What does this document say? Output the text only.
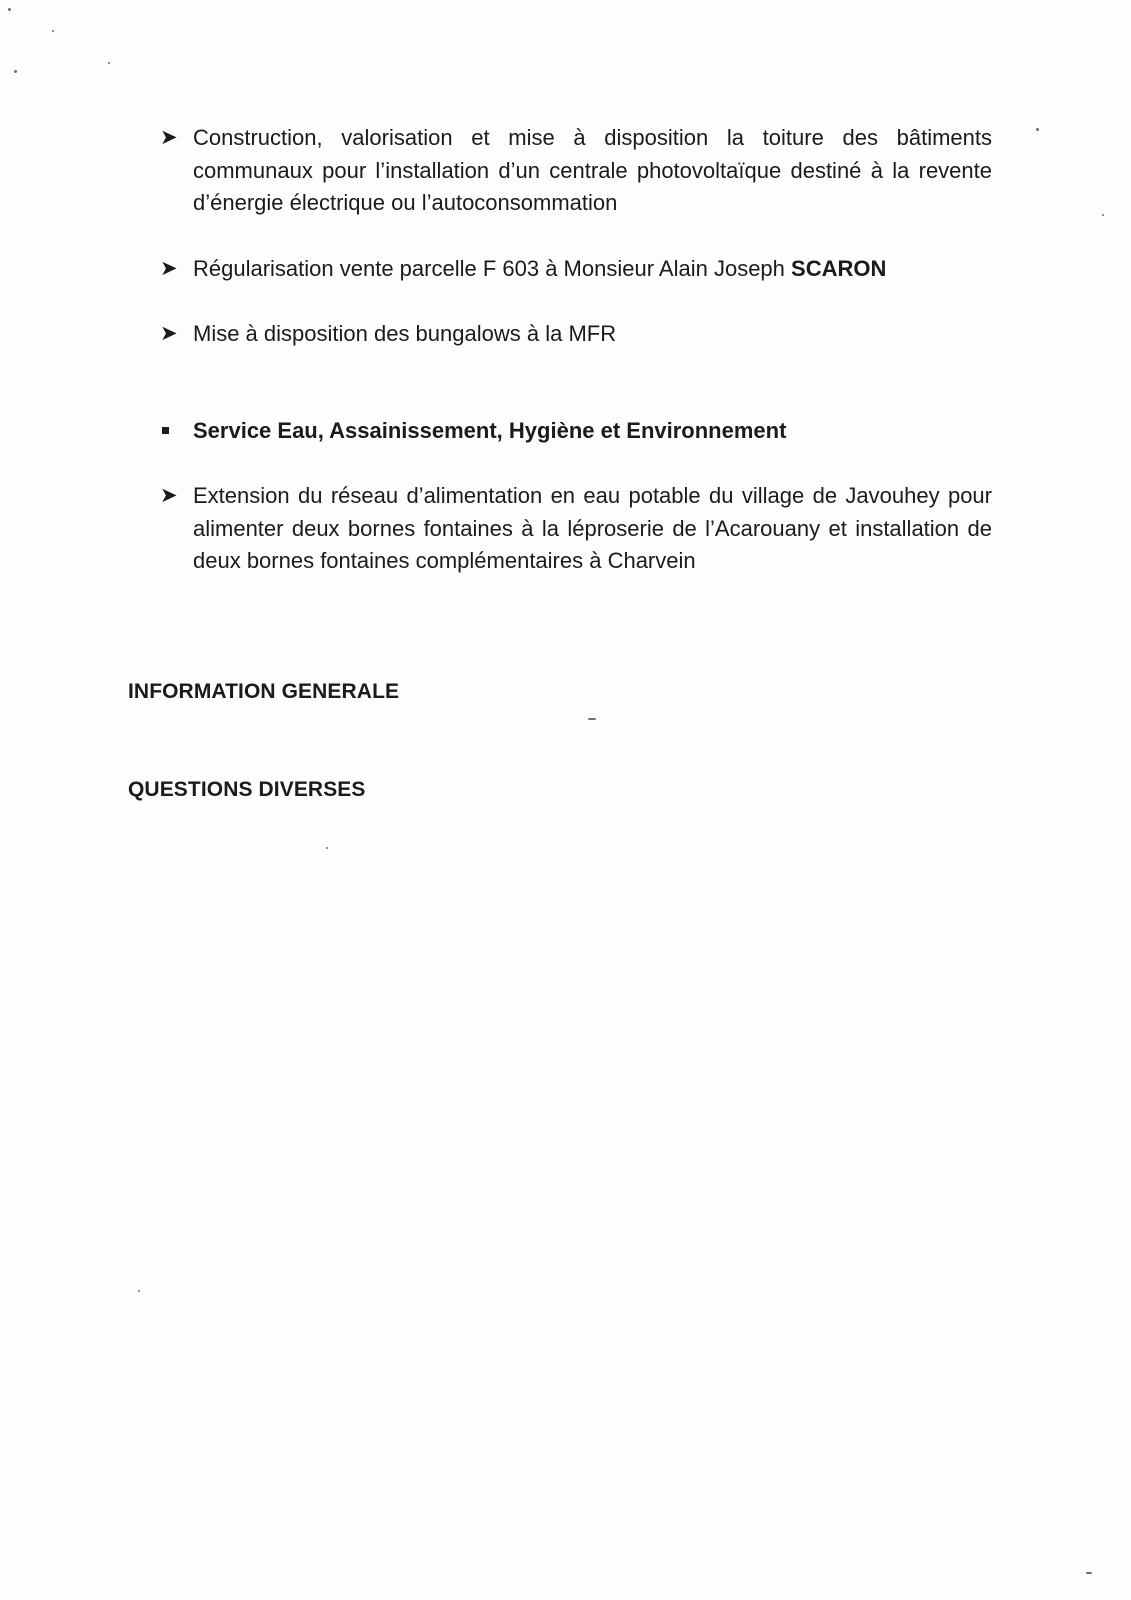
➤ Construction, valorisation et mise à disposition la toiture des bâtiments communaux pour l’installation d’un centrale photovoltaïque destiné à la revente d’énergie électrique ou l’autoconsommation
➤ Régularisation vente parcelle F 603 à Monsieur Alain Joseph SCARON
➤ Mise à disposition des bungalows à la MFR
Service Eau, Assainissement, Hygiène et Environnement
➤ Extension du réseau d’alimentation en eau potable du village de Javouhey pour alimenter deux bornes fontaines à la léproserie de l’Acarouany et installation de deux bornes fontaines complémentaires à Charvein
INFORMATION GENERALE
QUESTIONS DIVERSES
